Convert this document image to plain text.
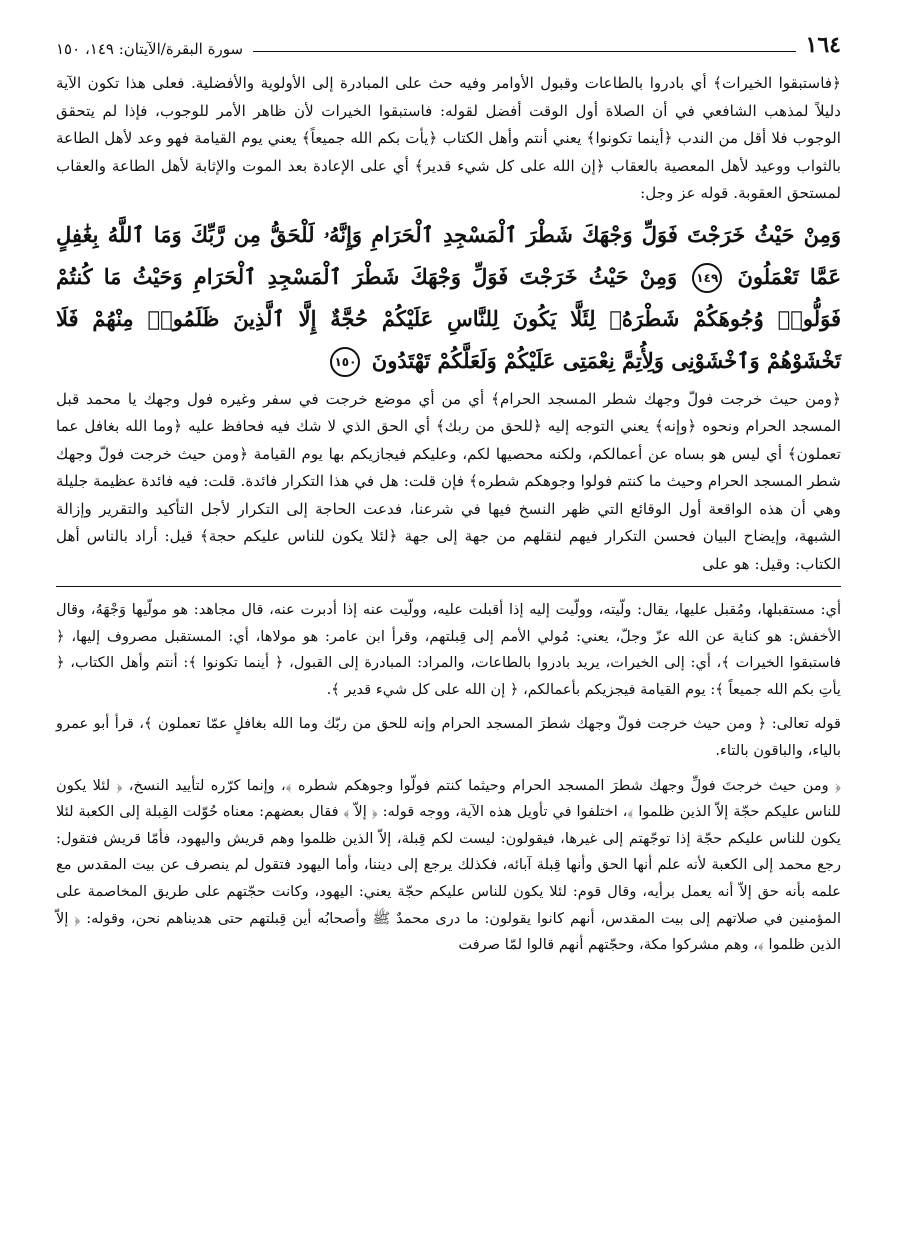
١٦٤
سورة البقرة/الآيتان: ١٤٩، ١٥٠

﴿فاستبقوا الخيرات﴾ أي بادروا بالطاعات وقبول الأوامر وفيه حث على المبادرة إلى الأولوية والأفضلية. فعلى هذا تكون الآية دليلاً لمذهب الشافعي في أن الصلاة أول الوقت أفضل لقوله: فاستبقوا الخيرات لأن ظاهر الأمر للوجوب، فإذا لم يتحقق الوجوب فلا أقل من الندب ﴿أينما تكونوا﴾ يعني أنتم وأهل الكتاب ﴿يأت بكم الله جميعاً﴾ يعني يوم القيامة فهو وعد لأهل الطاعة بالثواب ووعيد لأهل المعصية بالعقاب ﴿إن الله على كل شيء قدير﴾ أي على الإعادة بعد الموت والإثابة لأهل الطاعة والعقاب لمستحق العقوبة. قوله عز وجل:

وَمِنْ حَيْثُ خَرَجْتَ فَوَلِّ وَجْهَكَ شَطْرَ ٱلْمَسْجِدِ ٱلْحَرَامِ وَإِنَّهُۥ لَلْحَقُّ مِن رَّبِّكَ وَمَا ٱللَّهُ بِغَٰفِلٍ عَمَّا تَعْمَلُونَ ١٤٩ وَمِنْ حَيْثُ خَرَجْتَ فَوَلِّ وَجْهَكَ شَطْرَ ٱلْمَسْجِدِ ٱلْحَرَامِ وَحَيْثُ مَا كُنتُمْ فَوَلُّوا۟ وُجُوهَكُمْ شَطْرَهُۥ لِئَلَّا يَكُونَ لِلنَّاسِ عَلَيْكُمْ حُجَّةٌ إِلَّا ٱلَّذِينَ ظَلَمُوا۟ مِنْهُمْ فَلَا تَخْشَوْهُمْ وَٱخْشَوْنِى وَلِأُتِمَّ نِعْمَتِى عَلَيْكُمْ وَلَعَلَّكُمْ تَهْتَدُونَ ١٥٠

﴿ومن حيث خرجت فولّ وجهك شطر المسجد الحرام﴾ أي من أي موضع خرجت في سفر وغيره فول وجهك يا محمد قبل المسجد الحرام ونحوه ﴿وإنه﴾ يعني التوجه إليه ﴿للحق من ربك﴾ أي الحق الذي لا شك فيه فحافظ عليه ﴿وما الله بغافل عما تعملون﴾ أي ليس هو بساه عن أعمالكم، ولكنه محصيها لكم، وعليكم فيجازيكم بها يوم القيامة ﴿ومن حيث خرجت فولّ وجهك شطر المسجد الحرام وحيث ما كنتم فولوا وجوهكم شطره﴾ فإن قلت: هل في هذا التكرار فائدة. قلت: فيه فائدة عظيمة جليلة وهي أن هذه الواقعة أول الوقائع التي ظهر النسخ فيها في شرعنا، فدعت الحاجة إلى التكرار لأجل التأكيد والتقرير وإزالة الشبهة، وإيضاح البيان فحسن التكرار فيهم لنقلهم من جهة إلى جهة ﴿لئلا يكون للناس عليكم حجة﴾ قيل: أراد بالناس أهل الكتاب: وقيل: هو على

أي: مستقبلها، ومُقبل عليها، يقال: ولّيته، وولّيت إليه إذا أقبلت عليه، وولّيت عنه إذا أدبرت عنه، قال مجاهد: هو مولّيها وَجْهَهُ، وقال الأخفش: هو كناية عن الله عزّ وجلّ، يعني: مُولي الأمم إلى قِبلتهم، وقرأ ابن عامر: هو مولاها، أي: المستقبل مصروف إليها، ﴿ فاستبقوا الخيرات ﴾، أي: إلى الخيرات، يريد بادروا بالطاعات، والمراد: المبادرة إلى القبول، ﴿ أينما تكونوا ﴾: أنتم وأهل الكتاب، ﴿ يأتِ بكم الله جميعاً ﴾: يوم القيامة فيجزيكم بأعمالكم، ﴿ إن الله على كل شيء قدير ﴾.

قوله تعالى: ﴿ ومن حيث خرجت فولّ وجهك شطرَ المسجد الحرام وإنه للحق من ربّك وما الله بغافلٍ عمّا تعملون ﴾، قرأ أبو عمرو بالياء، والباقون بالتاء.

﴿ ومن حيث خرجتَ فولِّ وجهك شطرَ المسجد الحرام وحيثما كنتم فولّوا وجوهكم شطره ﴾، وإنما كرّره لتأييد النسخ، ﴿ لئلا يكون للناس عليكم حجّة إلاّ الذين ظلموا ﴾، اختلفوا في تأويل هذه الآية، ووجه قوله: ﴿ إلاّ ﴾ فقال بعضهم: معناه حُوّلت القِبلة إلى الكعبة لئلا يكون للناس عليكم حجّة إذا توجّهتم إلى غيرها، فيقولون: ليست لكم قِبلة، إلاّ الذين ظلموا وهم قريش واليهود، فأمّا قريش فتقول: رجع محمد إلى الكعبة لأنه علم أنها الحق وأنها قِبلة آبائه، فكذلك يرجع إلى ديننا، وأما اليهود فتقول لم ينصرف عن بيت المقدس مع علمه بأنه حق إلاّ أنه يعمل برأيه، وقال قوم: لئلا يكون للناس عليكم حجّة يعني: اليهود، وكانت حجّتهم على طريق المخاصمة على المؤمنين في صلاتهم إلى بيت المقدس، أنهم كانوا يقولون: ما درى محمدٌ ﷺ وأصحابُه أين قِبلتهم حتى هديناهم نحن، وقوله: ﴿ إلاّ الذين ظلموا ﴾، وهم مشركوا مكة، وحجّتهم أنهم قالوا لمّا صرفت
